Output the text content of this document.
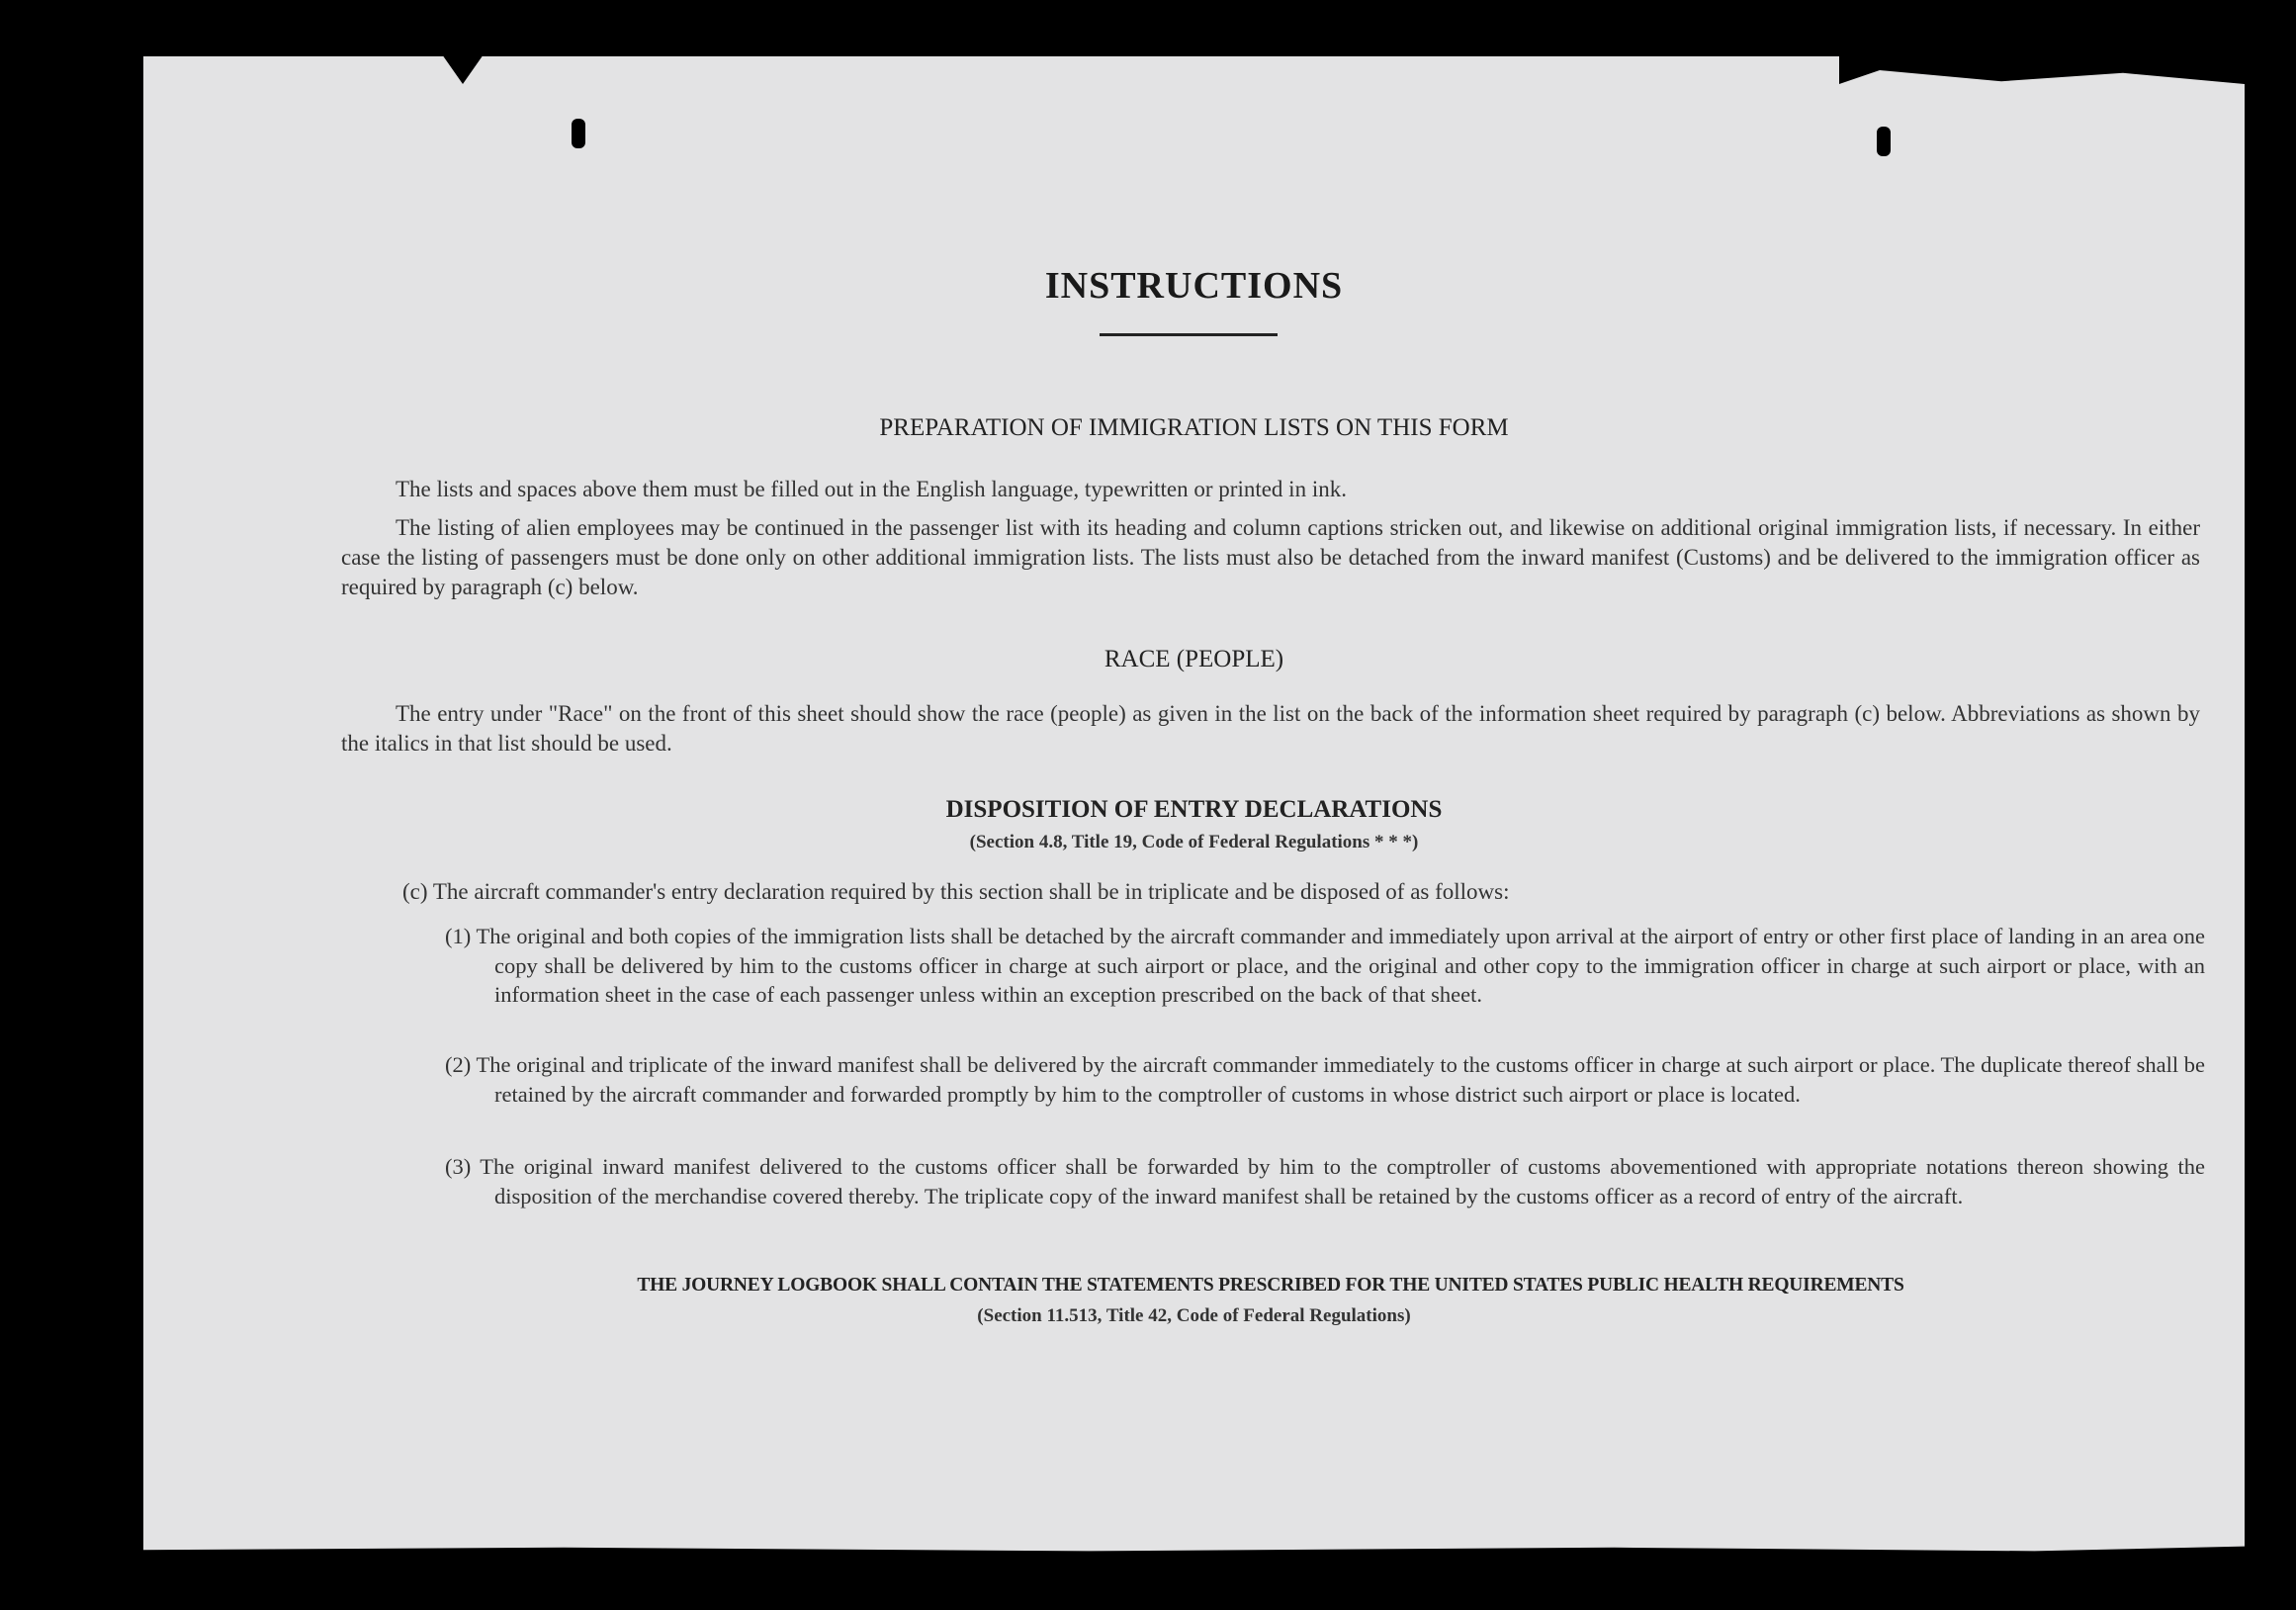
INSTRUCTIONS
PREPARATION OF IMMIGRATION LISTS ON THIS FORM
The lists and spaces above them must be filled out in the English language, typewritten or printed in ink.
The listing of alien employees may be continued in the passenger list with its heading and column captions stricken out, and likewise on additional original immigration lists, if necessary. In either case the listing of passengers must be done only on other additional immigration lists. The lists must also be detached from the inward manifest (Customs) and be delivered to the immigration officer as required by paragraph (c) below.
RACE (PEOPLE)
The entry under "Race" on the front of this sheet should show the race (people) as given in the list on the back of the information sheet required by paragraph (c) below. Abbreviations as shown by the italics in that list should be used.
DISPOSITION OF ENTRY DECLARATIONS
(Section 4.8, Title 19, Code of Federal Regulations * * *)
(c) The aircraft commander's entry declaration required by this section shall be in triplicate and be disposed of as follows:
(1) The original and both copies of the immigration lists shall be detached by the aircraft commander and immediately upon arrival at the airport of entry or other first place of landing in an area one copy shall be delivered by him to the customs officer in charge at such airport or place, and the original and other copy to the immigration officer in charge at such airport or place, with an information sheet in the case of each passenger unless within an exception prescribed on the back of that sheet.
(2) The original and triplicate of the inward manifest shall be delivered by the aircraft commander immediately to the customs officer in charge at such airport or place. The duplicate thereof shall be retained by the aircraft commander and forwarded promptly by him to the comptroller of customs in whose district such airport or place is located.
(3) The original inward manifest delivered to the customs officer shall be forwarded by him to the comptroller of customs abovementioned with appropriate notations thereon showing the disposition of the merchandise covered thereby. The triplicate copy of the inward manifest shall be retained by the customs officer as a record of entry of the aircraft.
THE JOURNEY LOGBOOK SHALL CONTAIN THE STATEMENTS PRESCRIBED FOR THE UNITED STATES PUBLIC HEALTH REQUIREMENTS
(Section 11.513, Title 42, Code of Federal Regulations)
